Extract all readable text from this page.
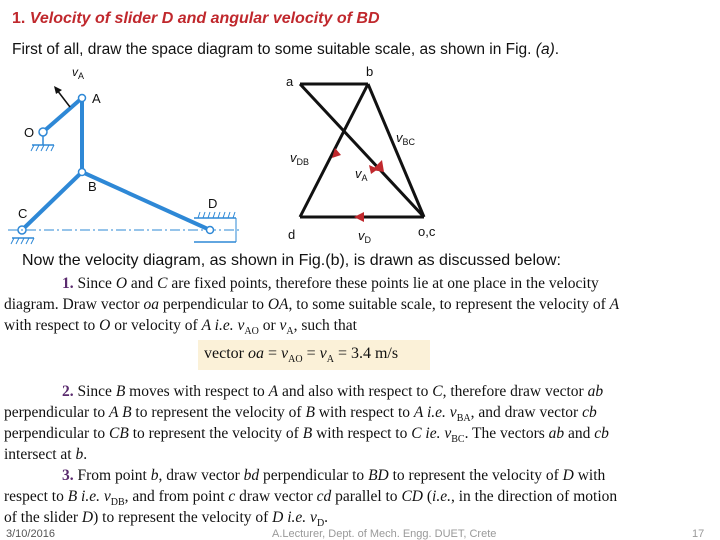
1. Velocity of slider D and angular velocity of BD
First of all, draw the space diagram to some suitable scale, as shown in Fig. (a).
$v_A$
A
O
B
C
D
a
b
d	o,c
$v_{BC}$
$v_{DB}$
$v_A$
$v_D$
Now the velocity diagram, as shown in Fig.(b), is drawn as discussed below:
1. Since O and C are fixed points, therefore these points lie at one place in the velocity
diagram. Draw vector oa perpendicular to OA, to some suitable scale, to represent the velocity of A
with respect to O or velocity of A i.e. $v_{AO}$ or $v_A$, such that
vector oa = $v_{AO} = v_A = 3.4$ m/s
2. Since B moves with respect to A and also with respect to C, therefore draw vector ab
perpendicular to A B to represent the velocity of B with respect to A i.e. $v_{BA}$, and draw vector cb
perpendicular to CB to represent the velocity of B with respect to C ie. $v_{BC}$. The vectors ab and cb
intersect at b.
3. From point b, draw vector bd perpendicular to BD to represent the velocity of D with
respect to B i.e. $v_{DB}$, and from point c draw vector cd parallel to CD (i.e., in the direction of motion
of the slider D) to represent the velocity of D i.e. $v_D$.
3/10/2016	A.Lecturer, Dept. of Mech. Engg. DUET, Crete	17
